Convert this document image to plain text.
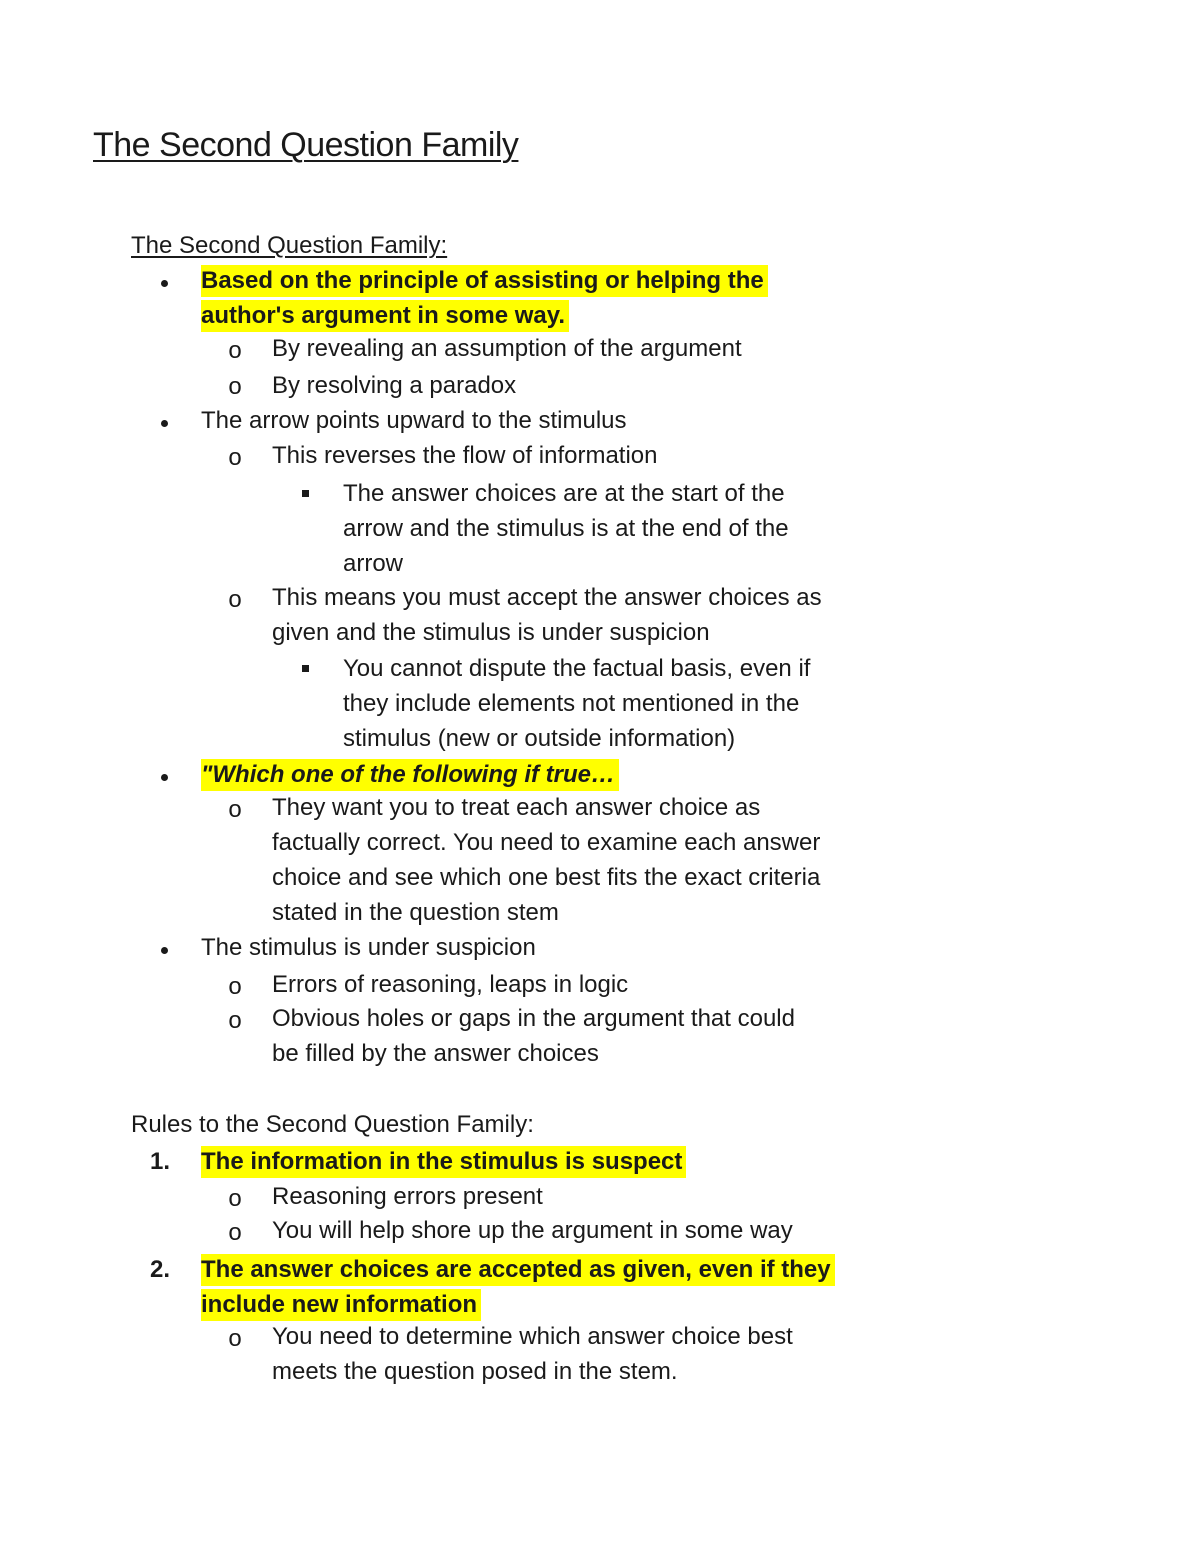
The Second Question Family
The Second Question Family:
Based on the principle of assisting or helping the
author's argument in some way.
o By revealing an assumption of the argument
o By resolving a paradox
The arrow points upward to the stimulus
o This reverses the flow of information
The answer choices are at the start of the
arrow and the stimulus is at the end of the
arrow
o This means you must accept the answer choices as
given and the stimulus is under suspicion
You cannot dispute the factual basis, even if
they include elements not mentioned in the
stimulus (new or outside information)
"Which one of the following if true…
o They want you to treat each answer choice as
factually correct. You need to examine each answer
choice and see which one best fits the exact criteria
stated in the question stem
The stimulus is under suspicion
o Errors of reasoning, leaps in logic
o Obvious holes or gaps in the argument that could
be filled by the answer choices
Rules to the Second Question Family:
1. The information in the stimulus is suspect
o Reasoning errors present
o You will help shore up the argument in some way
2. The answer choices are accepted as given, even if they
include new information
o You need to determine which answer choice best
meets the question posed in the stem.
